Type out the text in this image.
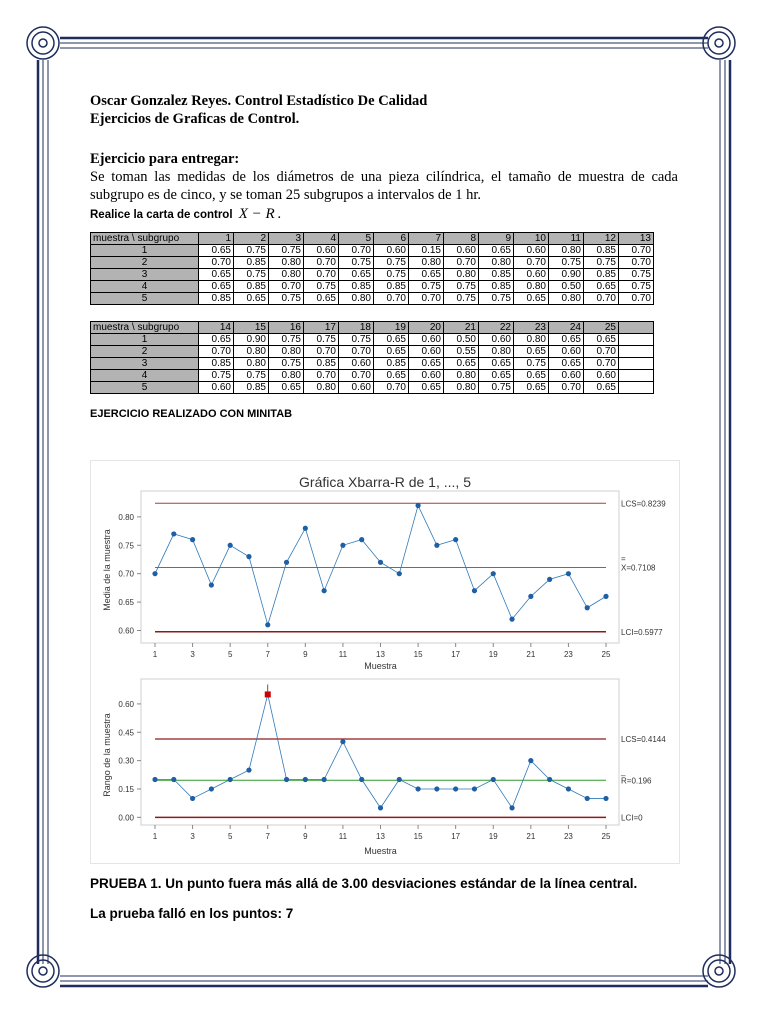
Oscar Gonzalez Reyes. Control Estadístico De Calidad
Ejercicios de Graficas de Control.
Ejercicio para entregar:
Se toman las medidas de los diámetros de una pieza cilíndrica, el tamaño de muestra de cada subgrupo es de cinco, y se toman 25 subgrupos a intervalos de 1 hr.
Realice la carta de control X − R .
muestra \ subgrupo	1	2	3	4	5	6	7	8	9	10	11	12	13
1	0.65	0.75	0.75	0.60	0.70	0.60	0.15	0.60	0.65	0.60	0.80	0.85	0.70
2	0.70	0.85	0.80	0.70	0.75	0.75	0.80	0.70	0.80	0.70	0.75	0.75	0.70
3	0.65	0.75	0.80	0.70	0.65	0.75	0.65	0.80	0.85	0.60	0.90	0.85	0.75
4	0.65	0.85	0.70	0.75	0.85	0.85	0.75	0.75	0.85	0.80	0.50	0.65	0.75
5	0.85	0.65	0.75	0.65	0.80	0.70	0.70	0.75	0.75	0.65	0.80	0.70	0.70
muestra \ subgrupo	14	15	16	17	18	19	20	21	22	23	24	25	
1	0.65	0.90	0.75	0.75	0.75	0.65	0.60	0.50	0.60	0.80	0.65	0.65	
2	0.70	0.80	0.80	0.70	0.70	0.65	0.60	0.55	0.80	0.65	0.60	0.70	
3	0.85	0.80	0.75	0.85	0.60	0.85	0.65	0.65	0.65	0.75	0.65	0.70	
4	0.75	0.75	0.80	0.70	0.70	0.65	0.60	0.80	0.65	0.65	0.60	0.60	
5	0.60	0.85	0.65	0.80	0.60	0.70	0.65	0.80	0.75	0.65	0.70	0.65	
EJERCICIO REALIZADO CON MINITAB
Gráfica Xbarra-R de 1, ..., 5
0.60
0.65
0.70
0.75
0.80
Media de la muestra
1	3	5	7	9	11	13	15	17	19	21	23	25
Muestra
LCS=0.8239
=
X=0.7108
LCI=0.5977
0.00
0.15
0.30
0.45
0.60
Rango de la muestra
1	3	5	7	9	11	13	15	17	19	21	23	25
Muestra
LCS=0.4144
_
R=0.196
LCI=0
PRUEBA 1. Un punto fuera más allá de 3.00 desviaciones estándar de la línea central.
La prueba falló en los puntos: 7
